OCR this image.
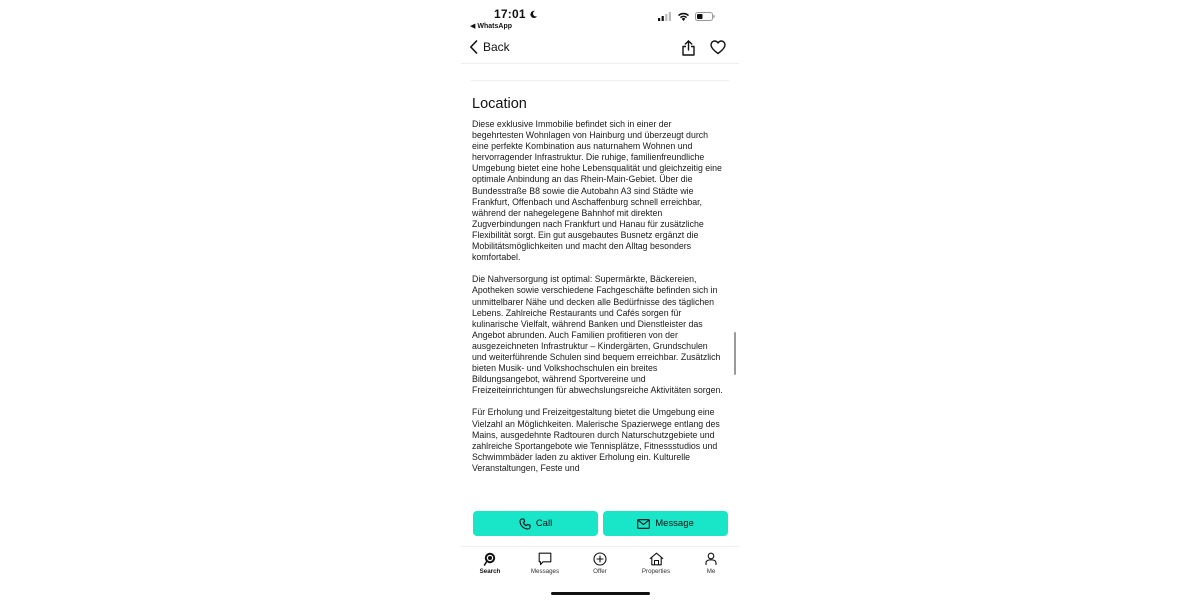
17:01
◀ WhatsApp
Back
Location

Diese exklusive Immobilie befindet sich in einer der begehrtesten Wohnlagen von Hainburg und überzeugt durch eine perfekte Kombination aus naturnahem Wohnen und hervorragender Infrastruktur. Die ruhige, familienfreundliche Umgebung bietet eine hohe Lebensqualität und gleichzeitig eine optimale Anbindung an das Rhein-Main-Gebiet. Über die Bundesstraße B8 sowie die Autobahn A3 sind Städte wie Frankfurt, Offenbach und Aschaffenburg schnell erreichbar, während der nahegelegene Bahnhof mit direkten Zugverbindungen nach Frankfurt und Hanau für zusätzliche Flexibilität sorgt. Ein gut ausgebautes Busnetz ergänzt die Mobilitätsmöglichkeiten und macht den Alltag besonders komfortabel.

Die Nahversorgung ist optimal: Supermärkte, Bäckereien, Apotheken sowie verschiedene Fachgeschäfte befinden sich in unmittelbarer Nähe und decken alle Bedürfnisse des täglichen Lebens. Zahlreiche Restaurants und Cafés sorgen für kulinarische Vielfalt, während Banken und Dienstleister das Angebot abrunden. Auch Familien profitieren von der ausgezeichneten Infrastruktur – Kindergärten, Grundschulen und weiterführende Schulen sind bequem erreichbar. Zusätzlich bieten Musik- und Volkshochschulen ein breites Bildungsangebot, während Sportvereine und Freizeiteinrichtungen für abwechslungsreiche Aktivitäten sorgen.

Für Erholung und Freizeitgestaltung bietet die Umgebung eine Vielzahl an Möglichkeiten. Malerische Spazierwege entlang des Mains, ausgedehnte Radtouren durch Naturschutzgebiete und zahlreiche Sportangebote wie Tennisplätze, Fitnessstudios und Schwimmbäder laden zu aktiver Erholung ein. Kulturelle Veranstaltungen, Feste und

Call	Message
Search	Messages	Offer	Properties	Me
